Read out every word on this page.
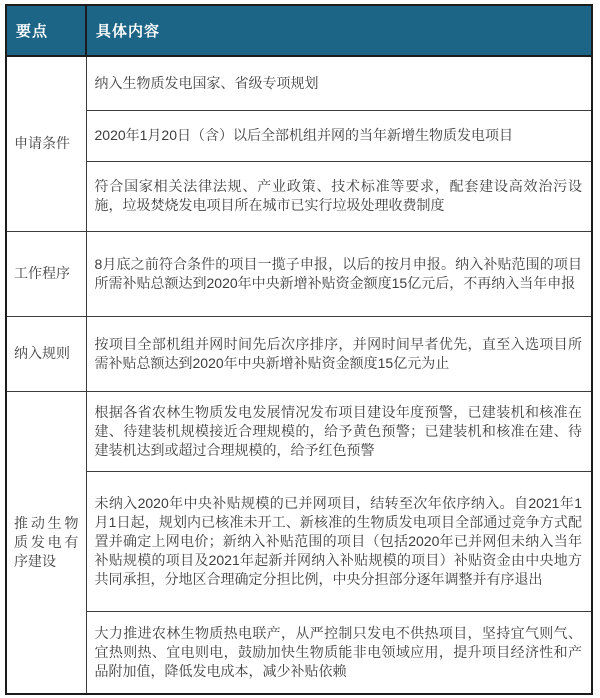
要点	具体内容
申请条件	纳入生物质发电国家、省级专项规划
	2020年1月20日（含）以后全部机组并网的当年新增生物质发电项目
	符合国家相关法律法规、产业政策、技术标准等要求，配套建设高效治污设施，垃圾焚烧发电项目所在城市已实行垃圾处理收费制度
工作程序	8月底之前符合条件的项目一揽子申报，以后的按月申报。纳入补贴范围的项目所需补贴总额达到2020年中央新增补贴资金额度15亿元后，不再纳入当年申报
纳入规则	按项目全部机组并网时间先后次序排序，并网时间早者优先，直至入选项目所需补贴总额达到2020年中央新增补贴资金额度15亿元为止
推动生物质发电有序建设	根据各省农林生物质发电发展情况发布项目建设年度预警，已建装机和核准在建、待建装机规模接近合理规模的，给予黄色预警；已建装机和核准在建、待建装机达到或超过合理规模的，给予红色预警
	未纳入2020年中央补贴规模的已并网项目，结转至次年依序纳入。自2021年1月1日起，规划内已核准未开工、新核准的生物质发电项目全部通过竞争方式配置并确定上网电价；新纳入补贴范围的项目（包括2020年已并网但未纳入当年补贴规模的项目及2021年起新并网纳入补贴规模的项目）补贴资金由中央地方共同承担，分地区合理确定分担比例，中央分担部分逐年调整并有序退出
	大力推进农林生物质热电联产，从严控制只发电不供热项目，坚持宜气则气、宜热则热、宜电则电，鼓励加快生物质能非电领域应用，提升项目经济性和产品附加值，降低发电成本，减少补贴依赖
